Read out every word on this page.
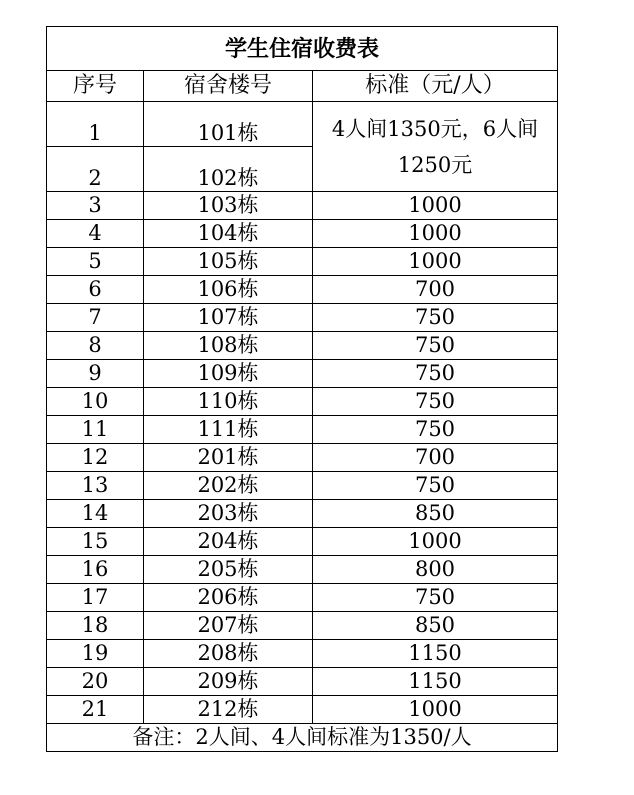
学生住宿收费表		
序号	宿舍楼号	标准（元/人）
1	101栋	4人间1350元，6人间1250元
2	102栋	
3	103栋	1000
4	104栋	1000
5	105栋	1000
6	106栋	700
7	107栋	750
8	108栋	750
9	109栋	750
10	110栋	750
11	111栋	750
12	201栋	700
13	202栋	750
14	203栋	850
15	204栋	1000
16	205栋	800
17	206栋	750
18	207栋	850
19	208栋	1150
20	209栋	1150
21	212栋	1000
备注：2人间、4人间标准为1350/人		
